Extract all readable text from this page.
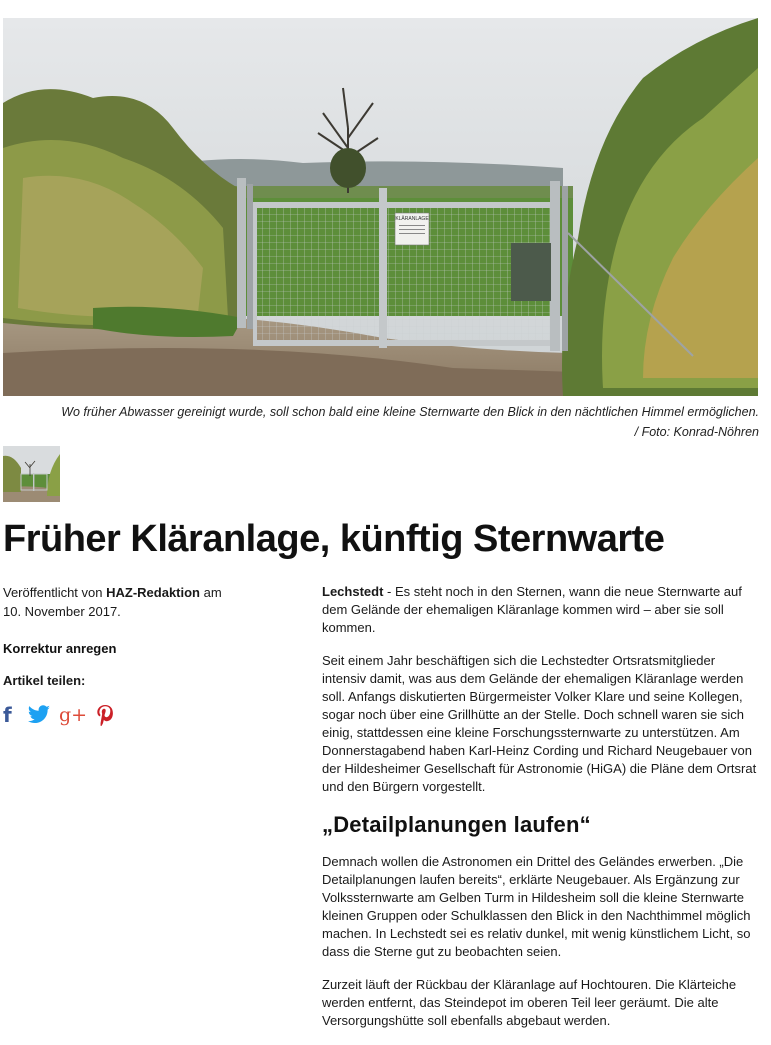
KLÄRANLAGE
Wo früher Abwasser gereinigt wurde, soll schon bald eine kleine Sternwarte den Blick in den nächtlichen Himmel ermöglichen. / Foto: Konrad-Nöhren
Früher Kläranlage, künftig Sternwarte

Veröffentlicht von HAZ-Redaktion am
10. November 2017.

Korrektur anregen
Artikel teilen:
f	g+

Lechstedt - Es steht noch in den Sternen, wann die neue Sternwarte auf dem Gelände der ehemaligen Kläranlage kommen wird – aber sie soll kommen.

Seit einem Jahr beschäftigen sich die Lechstedter Ortsratsmitglieder intensiv damit, was aus dem Gelände der ehemaligen Kläranlage werden soll. Anfangs diskutierten Bürgermeister Volker Klare und seine Kollegen, sogar noch über eine Grillhütte an der Stelle. Doch schnell waren sie sich einig, stattdessen eine kleine Forschungssternwarte zu unterstützen. Am Donnerstagabend haben Karl-Heinz Cording und Richard Neugebauer von der Hildesheimer Gesellschaft für Astronomie (HiGA) die Pläne dem Ortsrat und den Bürgern vorgestellt.

„Detailplanungen laufen“

Demnach wollen die Astronomen ein Drittel des Geländes erwerben. „Die Detailplanungen laufen bereits“, erklärte Neugebauer. Als Ergänzung zur Volkssternwarte am Gelben Turm in Hildesheim soll die kleine Sternwarte kleinen Gruppen oder Schulklassen den Blick in den Nachthimmel möglich machen. In Lechstedt sei es relativ dunkel, mit wenig künstlichem Licht, so dass die Sterne gut zu beobachten seien.

Zurzeit läuft der Rückbau der Kläranlage auf Hochtouren. Die Klärteiche werden entfernt, das Steindepot im oberen Teil leer geräumt. Die alte Versorgungshütte soll ebenfalls abgebaut werden.
